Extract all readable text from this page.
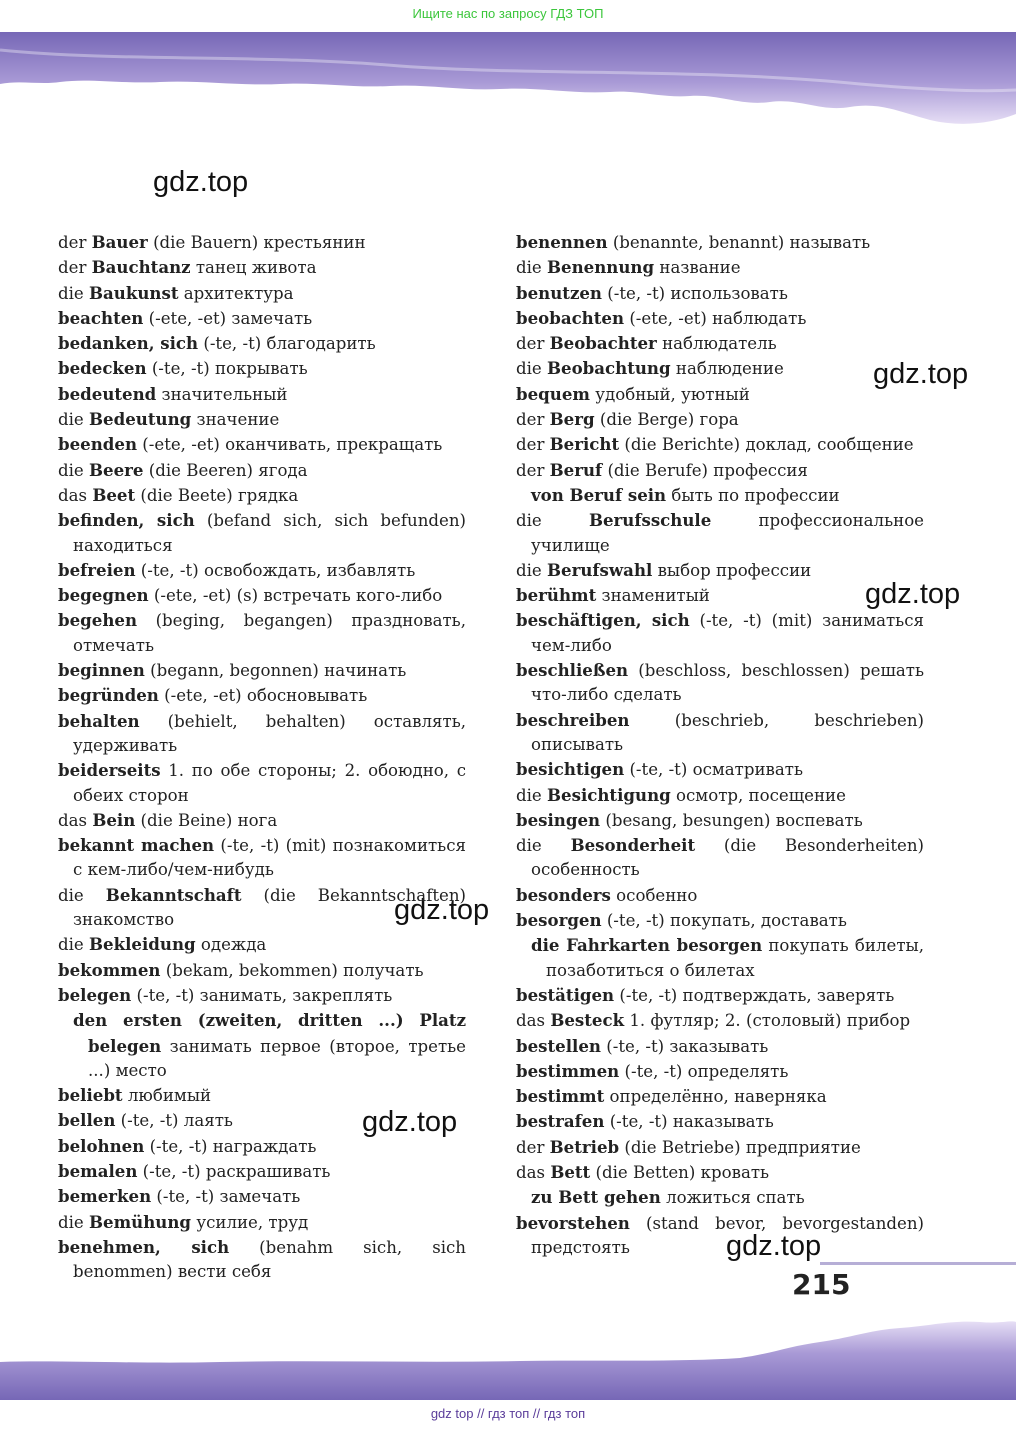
Ищите нас по запросу ГДЗ ТОП
gdz.top
gdz.top
gdz.top
gdz.top
gdz.top
gdz.top
der Bauer (die Bauern) крестьянин
der Bauchtanz танец живота
die Baukunst архитектура
beachten (-ete, -et) замечать
bedanken, sich (-te, -t) благодарить
bedecken (-te, -t) покрывать
bedeutend значительный
die Bedeutung значение
beenden (-ete, -et) оканчивать, прекращать
die Beere (die Beeren) ягода
das Beet (die Beete) грядка
befinden, sich (befand sich, sich befunden) находиться
befreien (-te, -t) освобождать, избавлять
begegnen (-ete, -et) (s) встречать кого-либо
begehen (beging, begangen) праздновать, отмечать
beginnen (begann, begonnen) начинать
begründen (-ete, -et) обосновывать
behalten (behielt, behalten) оставлять, удерживать
beiderseits 1. по обе стороны; 2. обоюдно, с обеих сторон
das Bein (die Beine) нога
bekannt machen (-te, -t) (mit) познакомиться с кем-либо/чем-нибудь
die Bekanntschaft (die Bekanntschaften) знакомство
die Bekleidung одежда
bekommen (bekam, bekommen) получать
belegen (-te, -t) занимать, закреплять
den ersten (zweiten, dritten ...) Platz belegen занимать первое (второе, третье ...) место
beliebt любимый
bellen (-te, -t) лаять
belohnen (-te, -t) награждать
bemalen (-te, -t) раскрашивать
bemerken (-te, -t) замечать
die Bemühung усилие, труд
benehmen, sich (benahm sich, sich benommen) вести себя
benennen (benannte, benannt) называть
die Benennung название
benutzen (-te, -t) использовать
beobachten (-ete, -et) наблюдать
der Beobachter наблюдатель
die Beobachtung наблюдение
bequem удобный, уютный
der Berg (die Berge) гора
der Bericht (die Berichte) доклад, сообщение
der Beruf (die Berufe) профессия
von Beruf sein быть по профессии
die Berufsschule профессиональное училище
die Berufswahl выбор профессии
berühmt знаменитый
beschäftigen, sich (-te, -t) (mit) заниматься чем-либо
beschließen (beschloss, beschlossen) решать что-либо сделать
beschreiben (beschrieb, beschrieben) описывать
besichtigen (-te, -t) осматривать
die Besichtigung осмотр, посещение
besingen (besang, besungen) воспевать
die Besonderheit (die Besonderheiten) особенность
besonders особенно
besorgen (-te, -t) покупать, доставать
die Fahrkarten besorgen покупать билеты, позаботиться о билетах
bestätigen (-te, -t) подтверждать, заверять
das Besteck 1. футляр; 2. (столовый) прибор
bestellen (-te, -t) заказывать
bestimmen (-te, -t) определять
bestimmt определённо, наверняка
bestrafen (-te, -t) наказывать
der Betrieb (die Betriebe) предприятие
das Bett (die Betten) кровать
zu Bett gehen ложиться спать
bevorstehen (stand bevor, bevorgestanden) предстоять
215
gdz top // гдз топ // гдз топ
